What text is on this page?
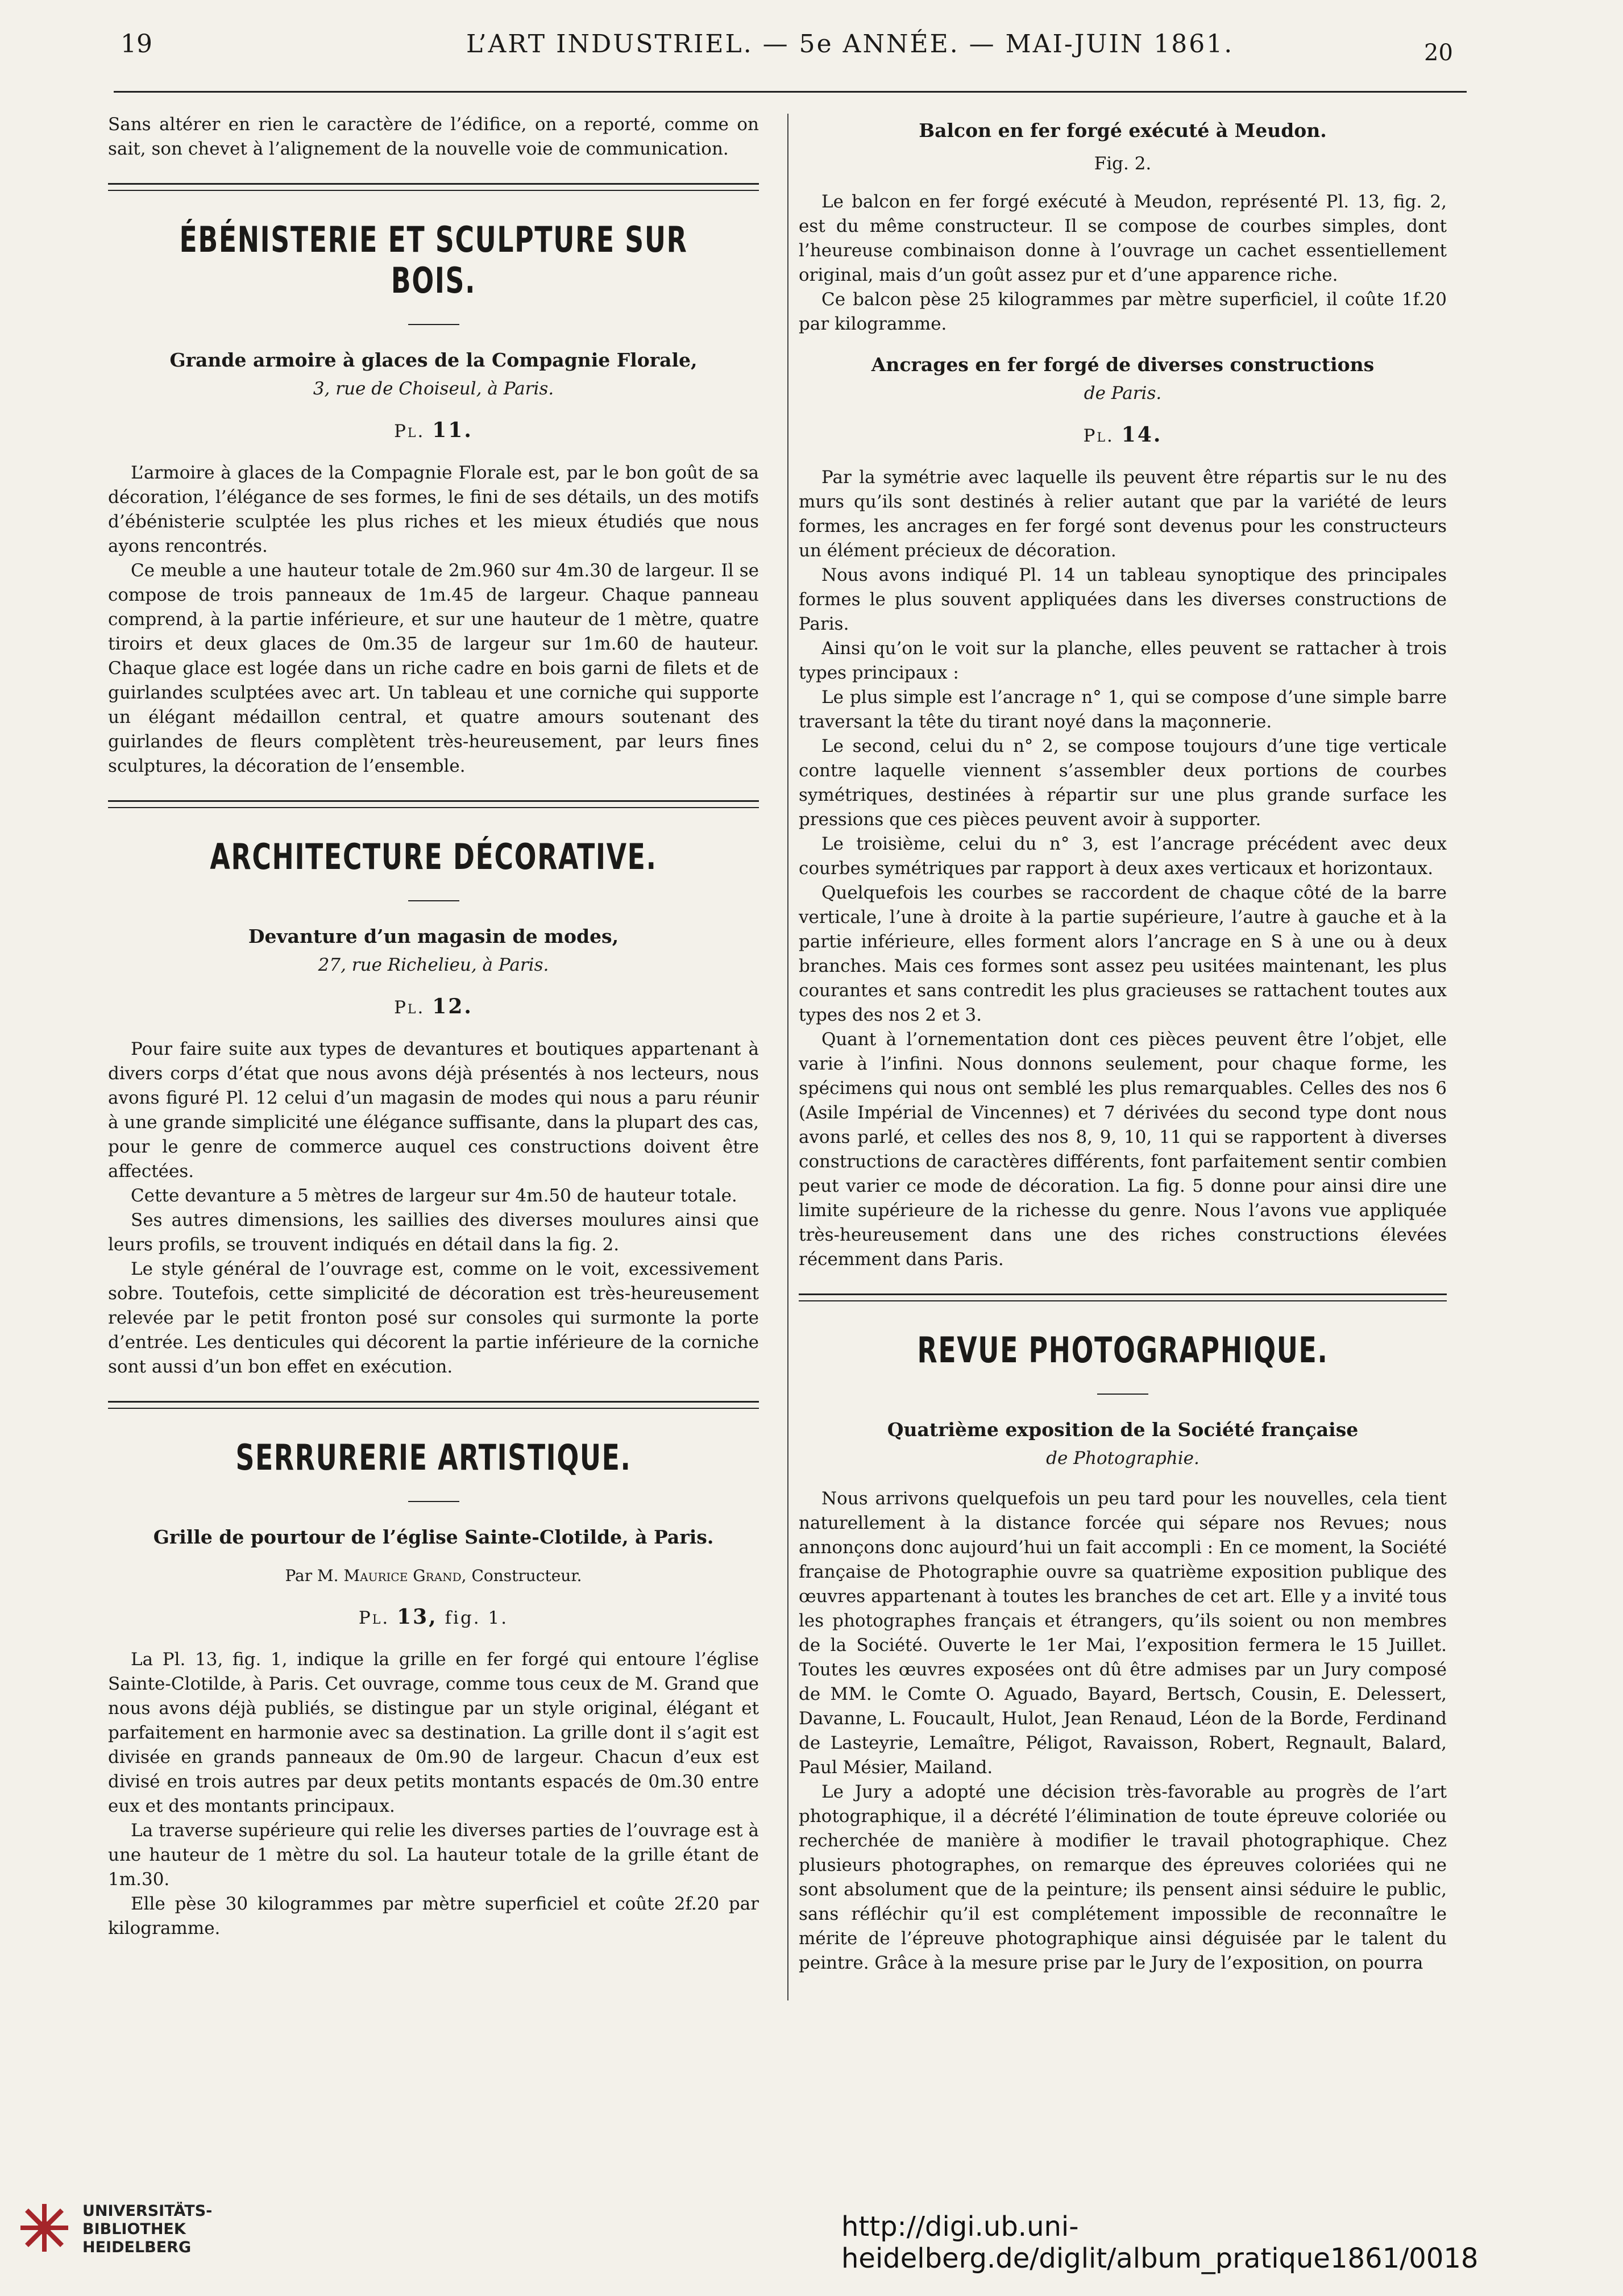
19	L’ART INDUSTRIEL. — 5e ANNÉE. — MAI-JUIN 1861.	20

Sans altérer en rien le caractère de l’édifice, on a reporté, comme on sait, son chevet à l’alignement de la nouvelle voie de communication.

ÉBÉNISTERIE ET SCULPTURE SUR BOIS.
Grande armoire à glaces de la Compagnie Florale,
3, rue de Choiseul, à Paris.
Pl. 11.

L’armoire à glaces de la Compagnie Florale est, par le bon goût de sa décoration, l’élégance de ses formes, le fini de ses détails, un des motifs d’ébénisterie sculptée les plus riches et les mieux étudiés que nous ayons rencontrés.

Ce meuble a une hauteur totale de 2m.960 sur 4m.30 de largeur. Il se compose de trois panneaux de 1m.45 de largeur. Chaque panneau comprend, à la partie inférieure, et sur une hauteur de 1 mètre, quatre tiroirs et deux glaces de 0m.35 de largeur sur 1m.60 de hauteur. Chaque glace est logée dans un riche cadre en bois garni de filets et de guirlandes sculptées avec art. Un tableau et une corniche qui supporte un élégant médaillon central, et quatre amours soutenant des guirlandes de fleurs complètent très-heureusement, par leurs fines sculptures, la décoration de l’ensemble.

ARCHITECTURE DÉCORATIVE.
Devanture d’un magasin de modes,
27, rue Richelieu, à Paris.
Pl. 12.

Pour faire suite aux types de devantures et boutiques appartenant à divers corps d’état que nous avons déjà présentés à nos lecteurs, nous avons figuré Pl. 12 celui d’un magasin de modes qui nous a paru réunir à une grande simplicité une élégance suffisante, dans la plupart des cas, pour le genre de commerce auquel ces constructions doivent être affectées.

Cette devanture a 5 mètres de largeur sur 4m.50 de hauteur totale.

Ses autres dimensions, les saillies des diverses moulures ainsi que leurs profils, se trouvent indiqués en détail dans la fig. 2.

Le style général de l’ouvrage est, comme on le voit, excessivement sobre. Toutefois, cette simplicité de décoration est très-heureusement relevée par le petit fronton posé sur consoles qui surmonte la porte d’entrée. Les denticules qui décorent la partie inférieure de la corniche sont aussi d’un bon effet en exécution.

SERRURERIE ARTISTIQUE.
Grille de pourtour de l’église Sainte-Clotilde, à Paris.
Par M. Maurice Grand, Constructeur.
Pl. 13, fig. 1.

La Pl. 13, fig. 1, indique la grille en fer forgé qui entoure l’église Sainte-Clotilde, à Paris. Cet ouvrage, comme tous ceux de M. Grand que nous avons déjà publiés, se distingue par un style original, élégant et parfaitement en harmonie avec sa destination. La grille dont il s’agit est divisée en grands panneaux de 0m.90 de largeur. Chacun d’eux est divisé en trois autres par deux petits montants espacés de 0m.30 entre eux et des montants principaux.

La traverse supérieure qui relie les diverses parties de l’ouvrage est à une hauteur de 1 mètre du sol. La hauteur totale de la grille étant de 1m.30.

Elle pèse 30 kilogrammes par mètre superficiel et coûte 2f.20 par kilogramme.

Balcon en fer forgé exécuté à Meudon.
Fig. 2.

Le balcon en fer forgé exécuté à Meudon, représenté Pl. 13, fig. 2, est du même constructeur. Il se compose de courbes simples, dont l’heureuse combinaison donne à l’ouvrage un cachet essentiellement original, mais d’un goût assez pur et d’une apparence riche.

Ce balcon pèse 25 kilogrammes par mètre superficiel, il coûte 1f.20 par kilogramme.

Ancrages en fer forgé de diverses constructions
de Paris.
Pl. 14.

Par la symétrie avec laquelle ils peuvent être répartis sur le nu des murs qu’ils sont destinés à relier autant que par la variété de leurs formes, les ancrages en fer forgé sont devenus pour les constructeurs un élément précieux de décoration.

Nous avons indiqué Pl. 14 un tableau synoptique des principales formes le plus souvent appliquées dans les diverses constructions de Paris.

Ainsi qu’on le voit sur la planche, elles peuvent se rattacher à trois types principaux :

Le plus simple est l’ancrage n° 1, qui se compose d’une simple barre traversant la tête du tirant noyé dans la maçonnerie.

Le second, celui du n° 2, se compose toujours d’une tige verticale contre laquelle viennent s’assembler deux portions de courbes symétriques, destinées à répartir sur une plus grande surface les pressions que ces pièces peuvent avoir à supporter.

Le troisième, celui du n° 3, est l’ancrage précédent avec deux courbes symétriques par rapport à deux axes verticaux et horizontaux.

Quelquefois les courbes se raccordent de chaque côté de la barre verticale, l’une à droite à la partie supérieure, l’autre à gauche et à la partie inférieure, elles forment alors l’ancrage en S à une ou à deux branches. Mais ces formes sont assez peu usitées maintenant, les plus courantes et sans contredit les plus gracieuses se rattachent toutes aux types des nos 2 et 3.

Quant à l’ornementation dont ces pièces peuvent être l’objet, elle varie à l’infini. Nous donnons seulement, pour chaque forme, les spécimens qui nous ont semblé les plus remarquables. Celles des nos 6 (Asile Impérial de Vincennes) et 7 dérivées du second type dont nous avons parlé, et celles des nos 8, 9, 10, 11 qui se rapportent à diverses constructions de caractères différents, font parfaitement sentir combien peut varier ce mode de décoration. La fig. 5 donne pour ainsi dire une limite supérieure de la richesse du genre. Nous l’avons vue appliquée très-heureusement dans une des riches constructions élevées récemment dans Paris.

REVUE PHOTOGRAPHIQUE.
Quatrième exposition de la Société française
de Photographie.

Nous arrivons quelquefois un peu tard pour les nouvelles, cela tient naturellement à la distance forcée qui sépare nos Revues; nous annonçons donc aujourd’hui un fait accompli : En ce moment, la Société française de Photographie ouvre sa quatrième exposition publique des œuvres appartenant à toutes les branches de cet art. Elle y a invité tous les photographes français et étrangers, qu’ils soient ou non membres de la Société. Ouverte le 1er Mai, l’exposition fermera le 15 Juillet. Toutes les œuvres exposées ont dû être admises par un Jury composé de MM. le Comte O. Aguado, Bayard, Bertsch, Cousin, E. Delessert, Davanne, L. Foucault, Hulot, Jean Renaud, Léon de la Borde, Ferdinand de Lasteyrie, Lemaître, Péligot, Ravaisson, Robert, Regnault, Balard, Paul Mésier, Mailand.

Le Jury a adopté une décision très-favorable au progrès de l’art photographique, il a décrété l’élimination de toute épreuve coloriée ou recherchée de manière à modifier le travail photographique. Chez plusieurs photographes, on remarque des épreuves coloriées qui ne sont absolument que de la peinture; ils pensent ainsi séduire le public, sans réfléchir qu’il est complétement impossible de reconnaître le mérite de l’épreuve photographique ainsi déguisée par le talent du peintre. Grâce à la mesure prise par le Jury de l’exposition, on pourra

UNIVERSITÄTS-
BIBLIOTHEK
HEIDELBERG
http://digi.ub.uni-heidelberg.de/diglit/album_pratique1861/0018
